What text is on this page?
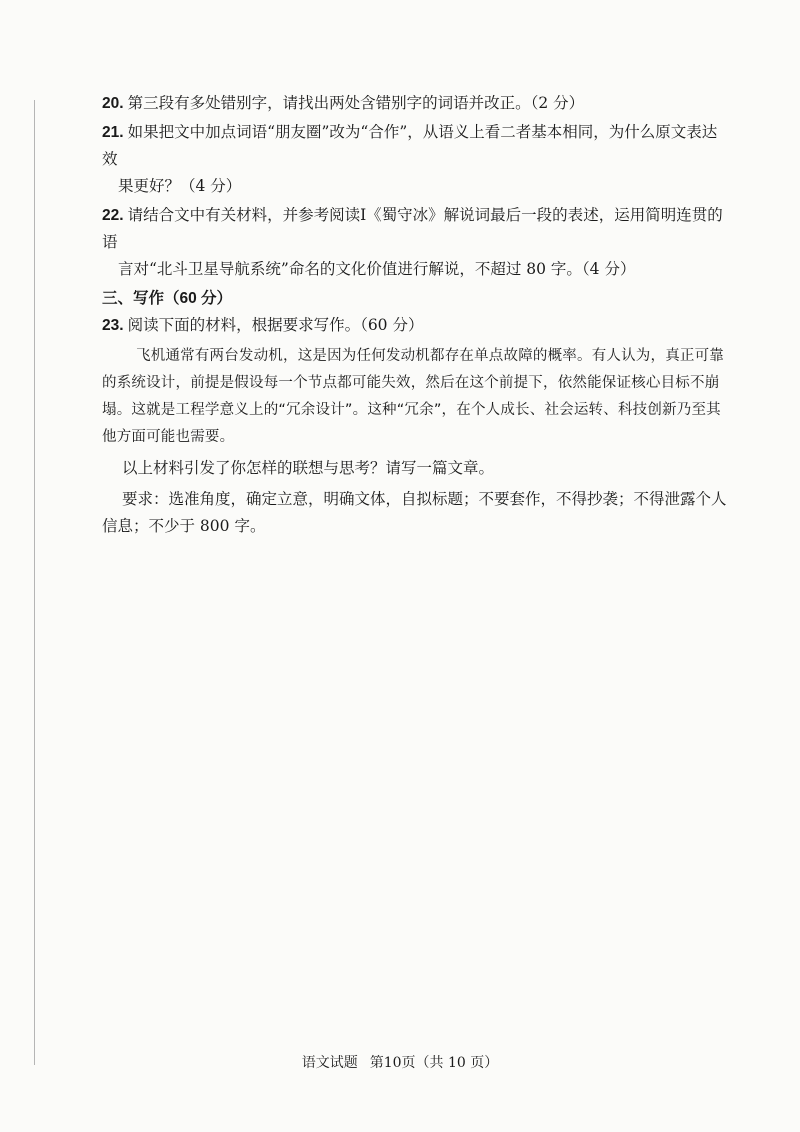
20. 第三段有多处错别字，请找出两处含错别字的词语并改正。（2 分）

21. 如果把文中加点词语“朋友圈”改为“合作”，从语义上看二者基本相同，为什么原文表达效
果更好？（4 分）

22. 请结合文中有关材料，并参考阅读Ⅰ《蜀守冰》解说词最后一段的表述，运用简明连贯的语
言对“北斗卫星导航系统”命名的文化价值进行解说，不超过 80 字。（4 分）

三、写作（60 分）

23. 阅读下面的材料，根据要求写作。（60 分）

飞机通常有两台发动机，这是因为任何发动机都存在单点故障的概率。有人认为，真正可靠的系统设计，前提是假设每一个节点都可能失效，然后在这个前提下，依然能保证核心目标不崩塌。这就是工程学意义上的“冗余设计”。这种“冗余”，在个人成长、社会运转、科技创新乃至其他方面可能也需要。

以上材料引发了你怎样的联想与思考？请写一篇文章。

要求：选准角度，确定立意，明确文体，自拟标题；不要套作，不得抄袭；不得泄露个人信息；不少于 800 字。

语文试题 第10页（共 10 页）
